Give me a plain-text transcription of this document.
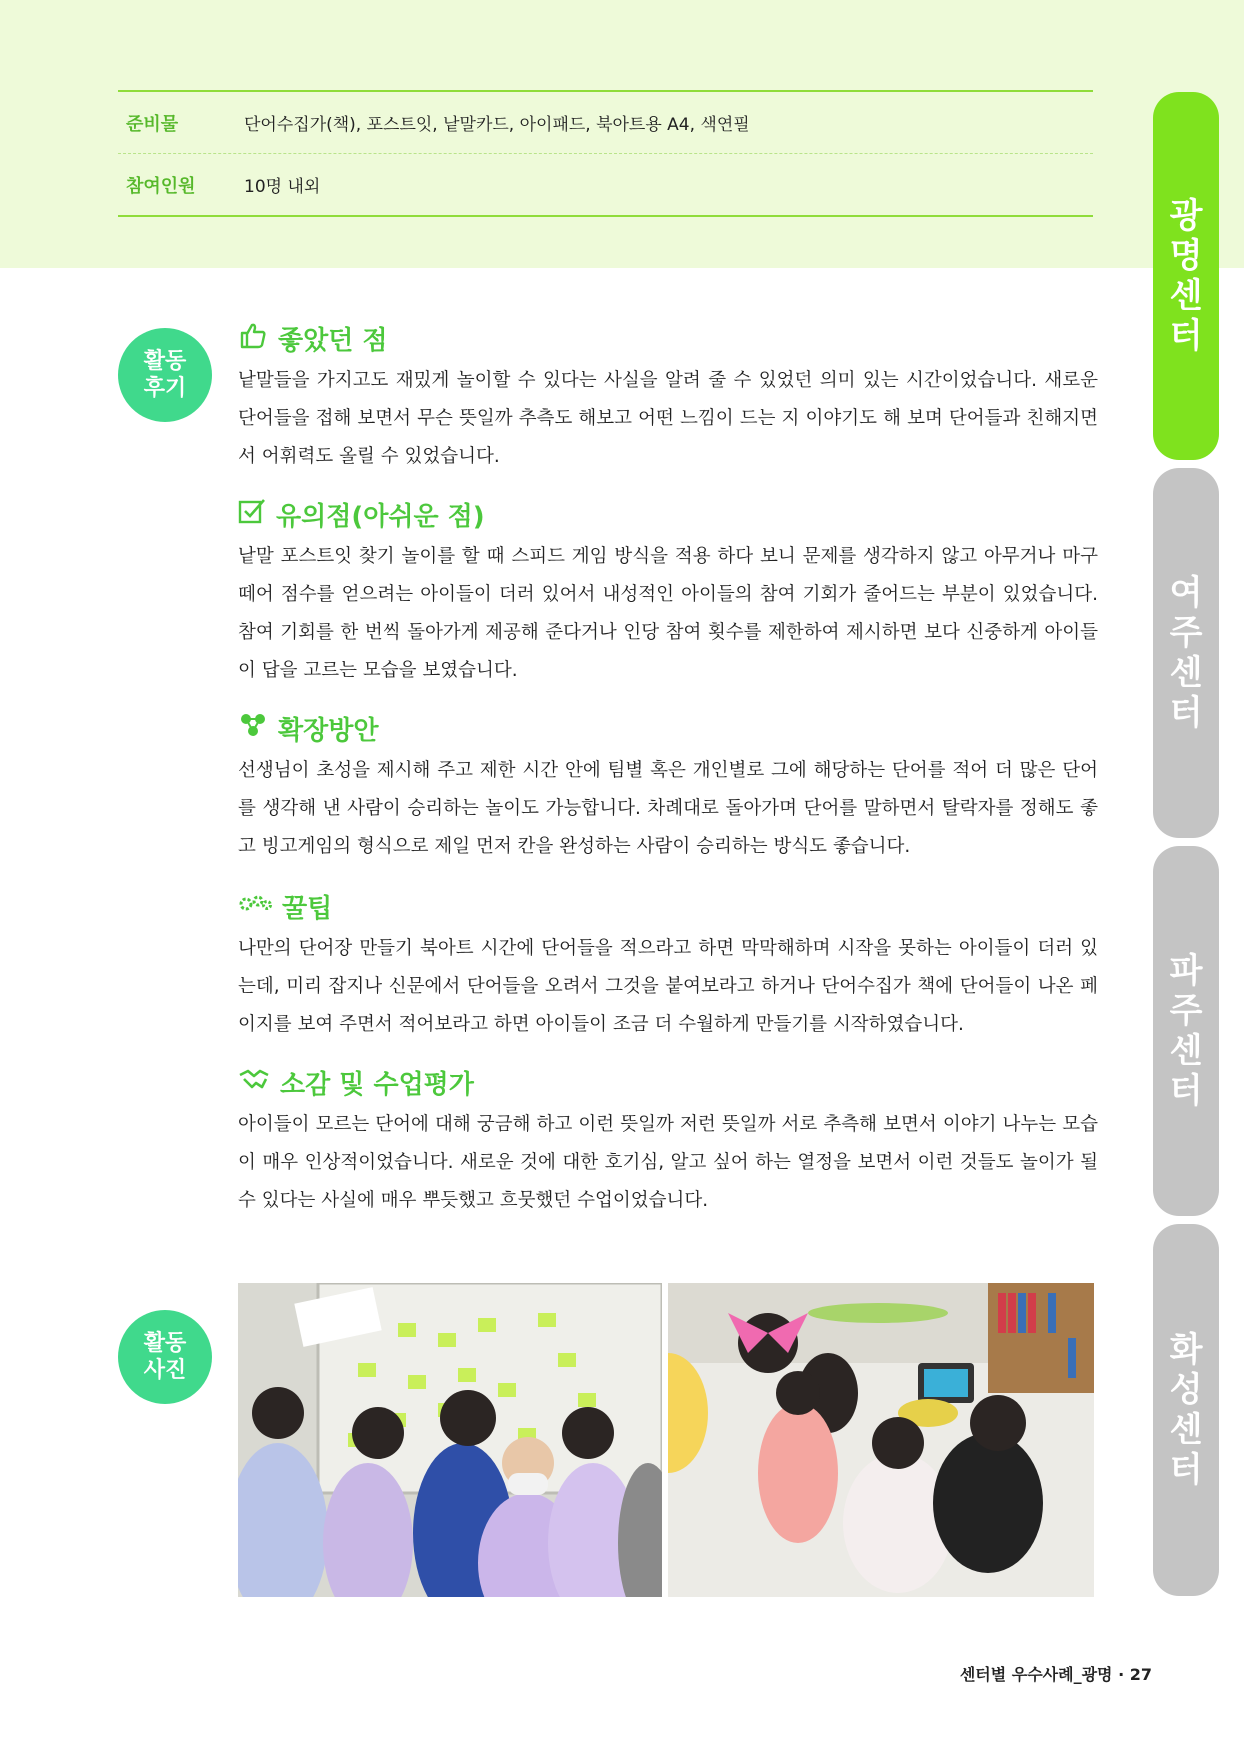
준비물	단어수집가(책), 포스트잇, 낱말카드, 아이패드, 북아트용 A4, 색연필
참여인원	10명 내외
활동
후기
좋았던 점
낱말들을 가지고도 재밌게 놀이할 수 있다는 사실을 알려 줄 수 있었던 의미 있는 시간이었습니다. 새로운 단어들을 접해 보면서 무슨 뜻일까 추측도 해보고 어떤 느낌이 드는 지 이야기도 해 보며 단어들과 친해지면서 어휘력도 올릴 수 있었습니다.
유의점(아쉬운 점)
낱말 포스트잇 찾기 놀이를 할 때 스피드 게임 방식을 적용 하다 보니 문제를 생각하지 않고 아무거나 마구 떼어 점수를 얻으려는 아이들이 더러 있어서 내성적인 아이들의 참여 기회가 줄어드는 부분이 있었습니다. 참여 기회를 한 번씩 돌아가게 제공해 준다거나 인당 참여 횟수를 제한하여 제시하면 보다 신중하게 아이들이 답을 고르는 모습을 보였습니다.
확장방안
선생님이 초성을 제시해 주고 제한 시간 안에 팀별 혹은 개인별로 그에 해당하는 단어를 적어 더 많은 단어를 생각해 낸 사람이 승리하는 놀이도 가능합니다. 차례대로 돌아가며 단어를 말하면서 탈락자를 정해도 좋고 빙고게임의 형식으로 제일 먼저 칸을 완성하는 사람이 승리하는 방식도 좋습니다.
꿀팁
나만의 단어장 만들기 북아트 시간에 단어들을 적으라고 하면 막막해하며 시작을 못하는 아이들이 더러 있는데, 미리 잡지나 신문에서 단어들을 오려서 그것을 붙여보라고 하거나 단어수집가 책에 단어들이 나온 페이지를 보여 주면서 적어보라고 하면 아이들이 조금 더 수월하게 만들기를 시작하였습니다.
소감 및 수업평가
아이들이 모르는 단어에 대해 궁금해 하고 이런 뜻일까 저런 뜻일까 서로 추측해 보면서 이야기 나누는 모습이 매우 인상적이었습니다. 새로운 것에 대한 호기심, 알고 싶어 하는 열정을 보면서 이런 것들도 놀이가 될 수 있다는 사실에 매우 뿌듯했고 흐뭇했던 수업이었습니다.
활동
사진
광
명
센
터
여
주
센
터
파
주
센
터
화
성
센
터
센터별 우수사례_광명 · 27
